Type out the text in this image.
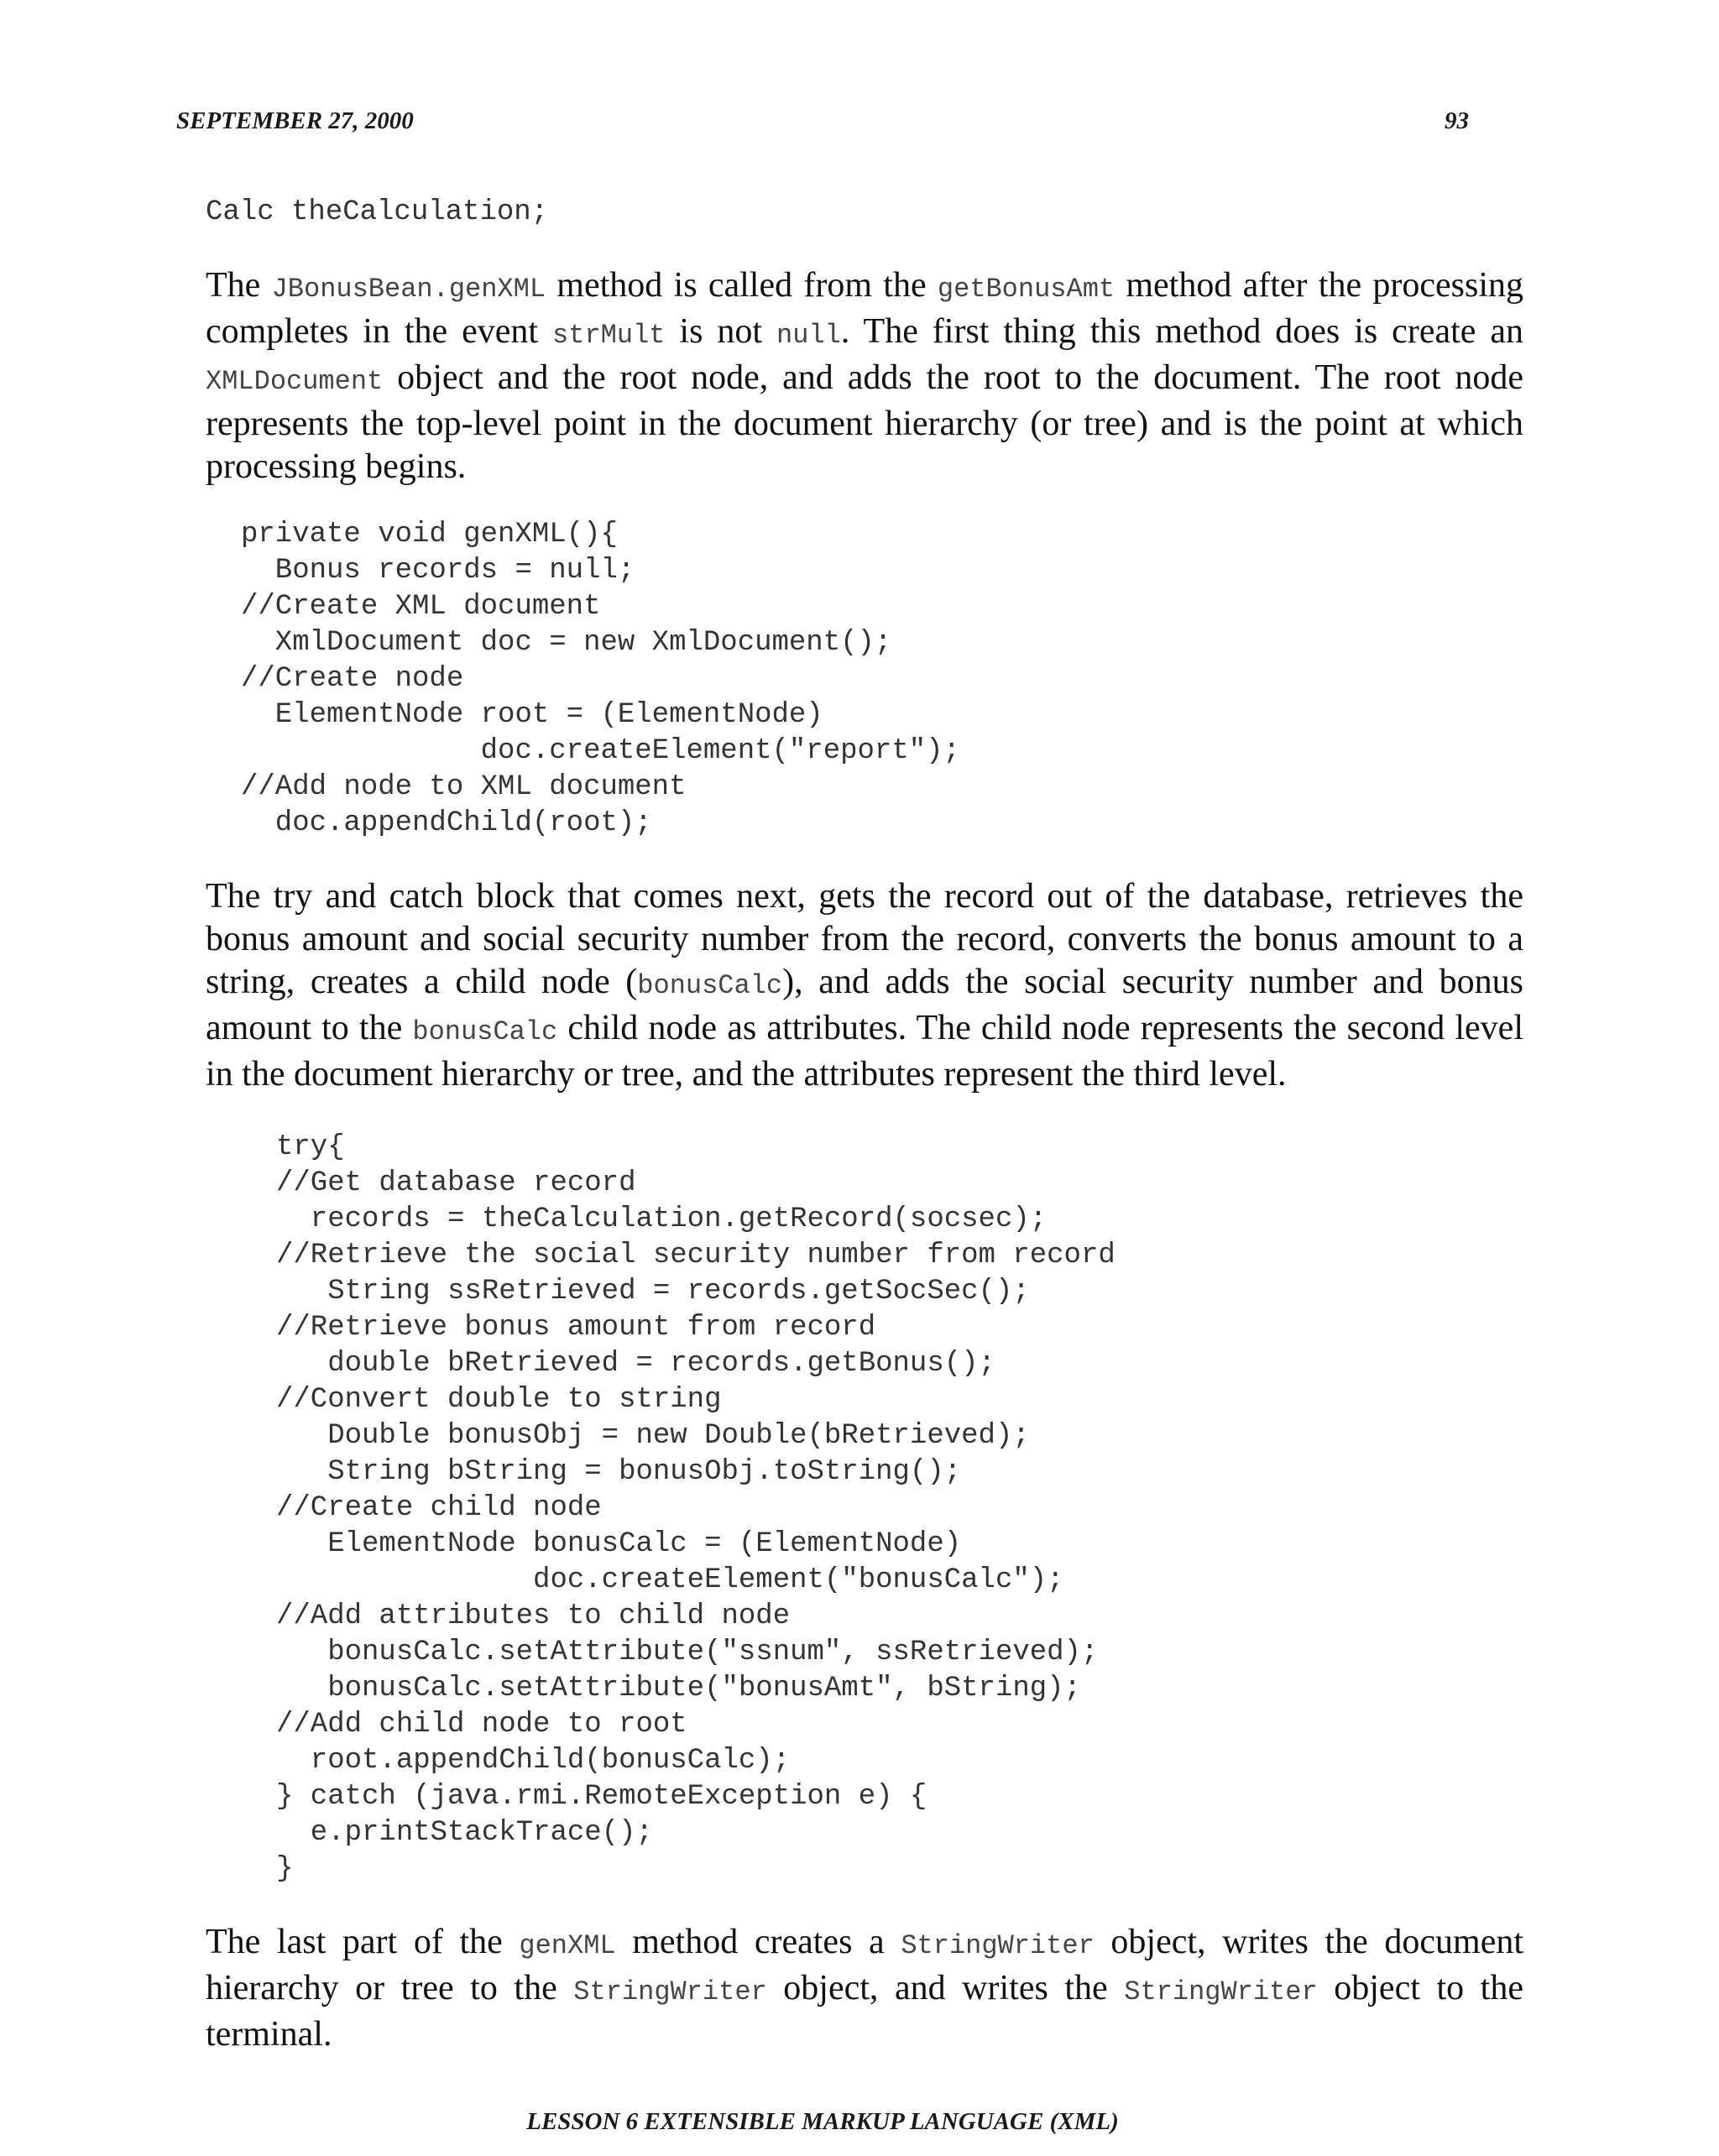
SEPTEMBER 27, 2000	93
Calc theCalculation;

The JBonusBean.genXML method is called from the getBonusAmt method after the processing completes in the event strMult is not null. The first thing this method does is create an XMLDocument object and the root node, and adds the root to the document. The root node represents the top-level point in the document hierarchy (or tree) and is the point at which processing begins.

private void genXML(){
Bonus records = null;
//Create XML document
XmlDocument doc = new XmlDocument();
//Create node
ElementNode root = (ElementNode)
doc.createElement("report");
//Add node to XML document
doc.appendChild(root);

The try and catch block that comes next, gets the record out of the database, retrieves the bonus amount and social security number from the record, converts the bonus amount to a string, creates a child node (bonusCalc), and adds the social security number and bonus amount to the bonusCalc child node as attributes. The child node represents the second level in the document hierarchy or tree, and the attributes represent the third level.

try{
//Get database record
records = theCalculation.getRecord(socsec);
//Retrieve the social security number from record
String ssRetrieved = records.getSocSec();
//Retrieve bonus amount from record
double bRetrieved = records.getBonus();
//Convert double to string
Double bonusObj = new Double(bRetrieved);
String bString = bonusObj.toString();
//Create child node
ElementNode bonusCalc = (ElementNode)
doc.createElement("bonusCalc");
//Add attributes to child node
bonusCalc.setAttribute("ssnum", ssRetrieved);
bonusCalc.setAttribute("bonusAmt", bString);
//Add child node to root
root.appendChild(bonusCalc);
} catch (java.rmi.RemoteException e) {
e.printStackTrace();
}

The last part of the genXML method creates a StringWriter object, writes the document hierarchy or tree to the StringWriter object, and writes the StringWriter object to the terminal.

LESSON 6 EXTENSIBLE MARKUP LANGUAGE (XML)
